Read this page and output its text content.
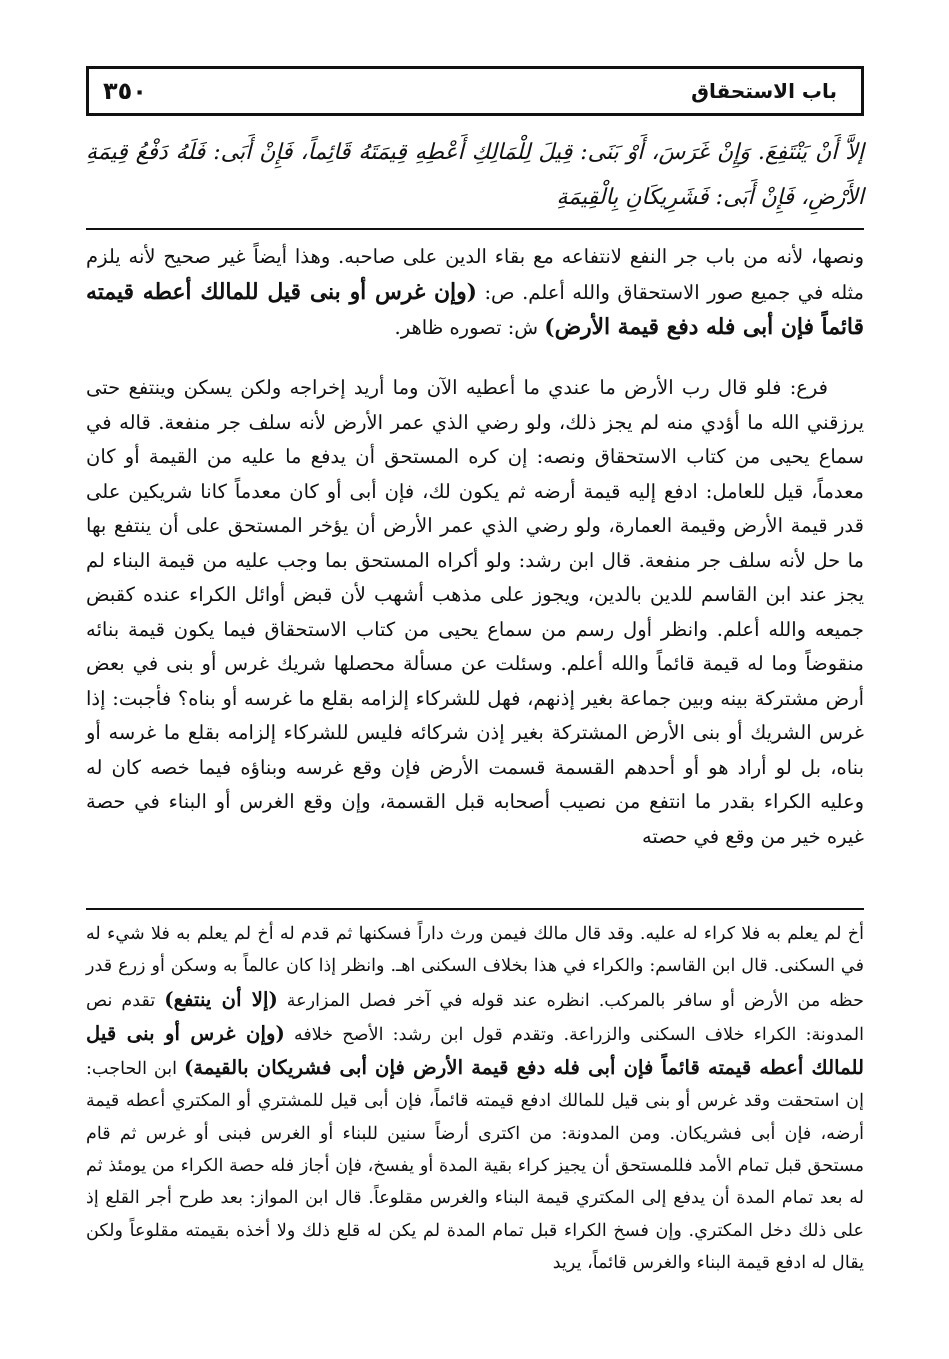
باب الاستحقاق
٣٥٠

إلاَّ أَنْ يَنْتَفِعَ. وَإِنْ غَرَسَ، أَوْ بَنَى: قِيلَ لِلْمَالِكِ أَعْطِهِ قِيمَتَهُ قَائِماً، فَإِنْ أَبَى: فَلَهُ دَفْعُ قِيمَةِ الأَرْضِ، فَإِنْ أَبَى: فَشَرِيكَانِ بِالْقِيمَةِ

ونصها، لأنه من باب جر النفع لانتفاعه مع بقاء الدين على صاحبه. وهذا أيضاً غير صحيح لأنه يلزم مثله في جميع صور الاستحقاق والله أعلم. ص: (وإن غرس أو بنى قيل للمالك أعطه قيمته قائماً فإن أبى فله دفع قيمة الأرض) ش: تصوره ظاهر.

فرع: فلو قال رب الأرض ما عندي ما أعطيه الآن وما أريد إخراجه ولكن يسكن وينتفع حتى يرزقني الله ما أؤدي منه لم يجز ذلك، ولو رضي الذي عمر الأرض لأنه سلف جر منفعة. قاله في سماع يحيى من كتاب الاستحقاق ونصه: إن كره المستحق أن يدفع ما عليه من القيمة أو كان معدماً، قيل للعامل: ادفع إليه قيمة أرضه ثم يكون لك، فإن أبى أو كان معدماً كانا شريكين على قدر قيمة الأرض وقيمة العمارة، ولو رضي الذي عمر الأرض أن يؤخر المستحق على أن ينتفع بها ما حل لأنه سلف جر منفعة. قال ابن رشد: ولو أكراه المستحق بما وجب عليه من قيمة البناء لم يجز عند ابن القاسم للدين بالدين، ويجوز على مذهب أشهب لأن قبض أوائل الكراء عنده كقبض جميعه والله أعلم. وانظر أول رسم من سماع يحيى من كتاب الاستحقاق فيما يكون قيمة بنائه منقوضاً وما له قيمة قائماً والله أعلم. وسئلت عن مسألة محصلها شريك غرس أو بنى في بعض أرض مشتركة بينه وبين جماعة بغير إذنهم، فهل للشركاء إلزامه بقلع ما غرسه أو بناه؟ فأجبت: إذا غرس الشريك أو بنى الأرض المشتركة بغير إذن شركائه فليس للشركاء إلزامه بقلع ما غرسه أو بناه، بل لو أراد هو أو أحدهم القسمة قسمت الأرض فإن وقع غرسه وبناؤه فيما خصه كان له وعليه الكراء بقدر ما انتفع من نصيب أصحابه قبل القسمة، وإن وقع الغرس أو البناء في حصة غيره خير من وقع في حصته

أخ لم يعلم به فلا كراء له عليه. وقد قال مالك فيمن ورث داراً فسكنها ثم قدم له أخ لم يعلم به فلا شيء له في السكنى. قال ابن القاسم: والكراء في هذا بخلاف السكنى اهـ. وانظر إذا كان عالماً به وسكن أو زرع قدر حظه من الأرض أو سافر بالمركب. انظره عند قوله في آخر فصل المزارعة (إلا أن ينتفع) تقدم نص المدونة: الكراء خلاف السكنى والزراعة. وتقدم قول ابن رشد: الأصح خلافه (وإن غرس أو بنى قيل للمالك أعطه قيمته قائماً فإن أبى فله دفع قيمة الأرض فإن أبى فشريكان بالقيمة) ابن الحاجب: إن استحقت وقد غرس أو بنى قيل للمالك ادفع قيمته قائماً، فإن أبى قيل للمشتري أو المكتري أعطه قيمة أرضه، فإن أبى فشريكان. ومن المدونة: من اكترى أرضاً سنين للبناء أو الغرس فبنى أو غرس ثم قام مستحق قبل تمام الأمد فللمستحق أن يجيز كراء بقية المدة أو يفسخ، فإن أجاز فله حصة الكراء من يومئذ ثم له بعد تمام المدة أن يدفع إلى المكتري قيمة البناء والغرس مقلوعاً. قال ابن المواز: بعد طرح أجر القلع إذ على ذلك دخل المكتري. وإن فسخ الكراء قبل تمام المدة لم يكن له قلع ذلك ولا أخذه بقيمته مقلوعاً ولكن يقال له ادفع قيمة البناء والغرس قائماً، يريد
